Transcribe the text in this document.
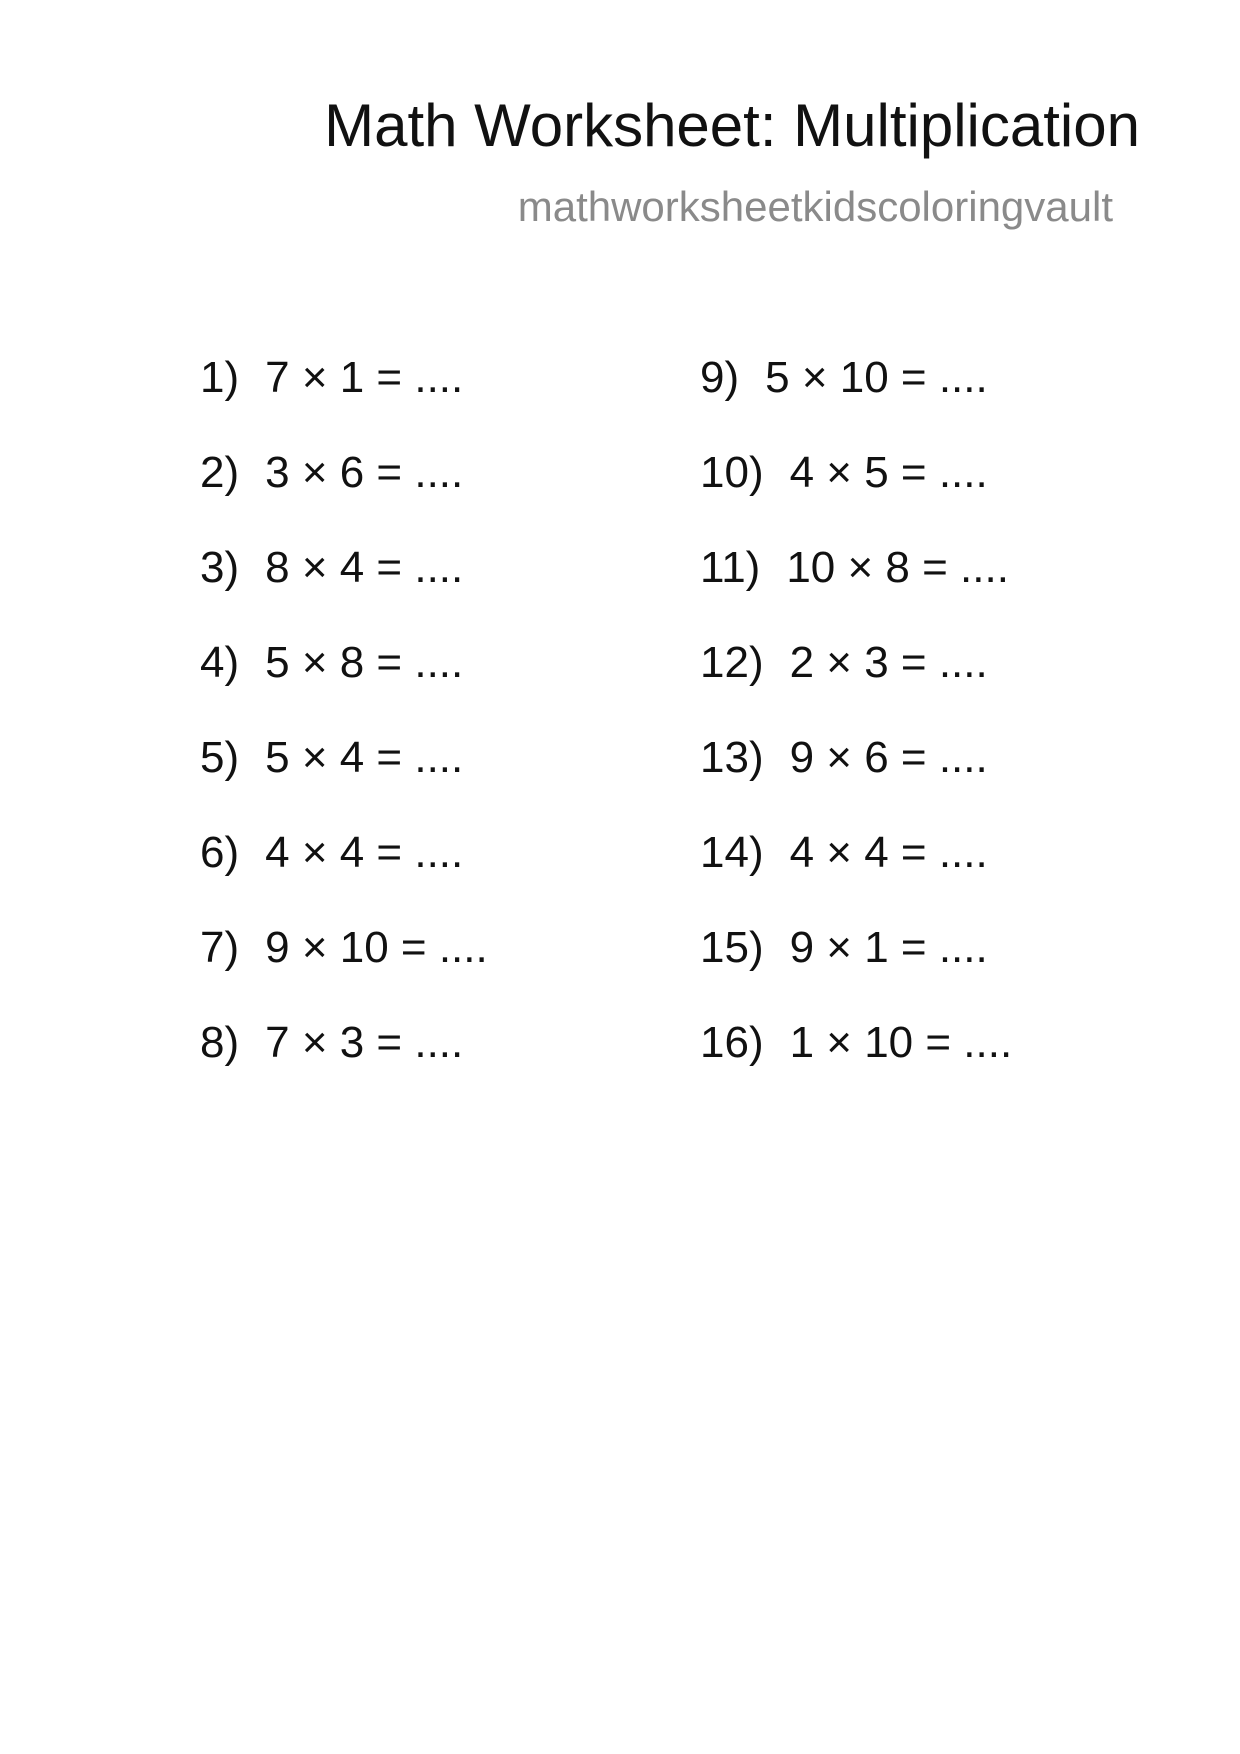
Math Worksheet: Multiplication
mathworksheetkidscoloringvault
1) 7 × 1 = ....
2) 3 × 6 = ....
3) 8 × 4 = ....
4) 5 × 8 = ....
5) 5 × 4 = ....
6) 4 × 4 = ....
7) 9 × 10 = ....
8) 7 × 3 = ....
9) 5 × 10 = ....
10) 4 × 5 = ....
11) 10 × 8 = ....
12) 2 × 3 = ....
13) 9 × 6 = ....
14) 4 × 4 = ....
15) 9 × 1 = ....
16) 1 × 10 = ....
